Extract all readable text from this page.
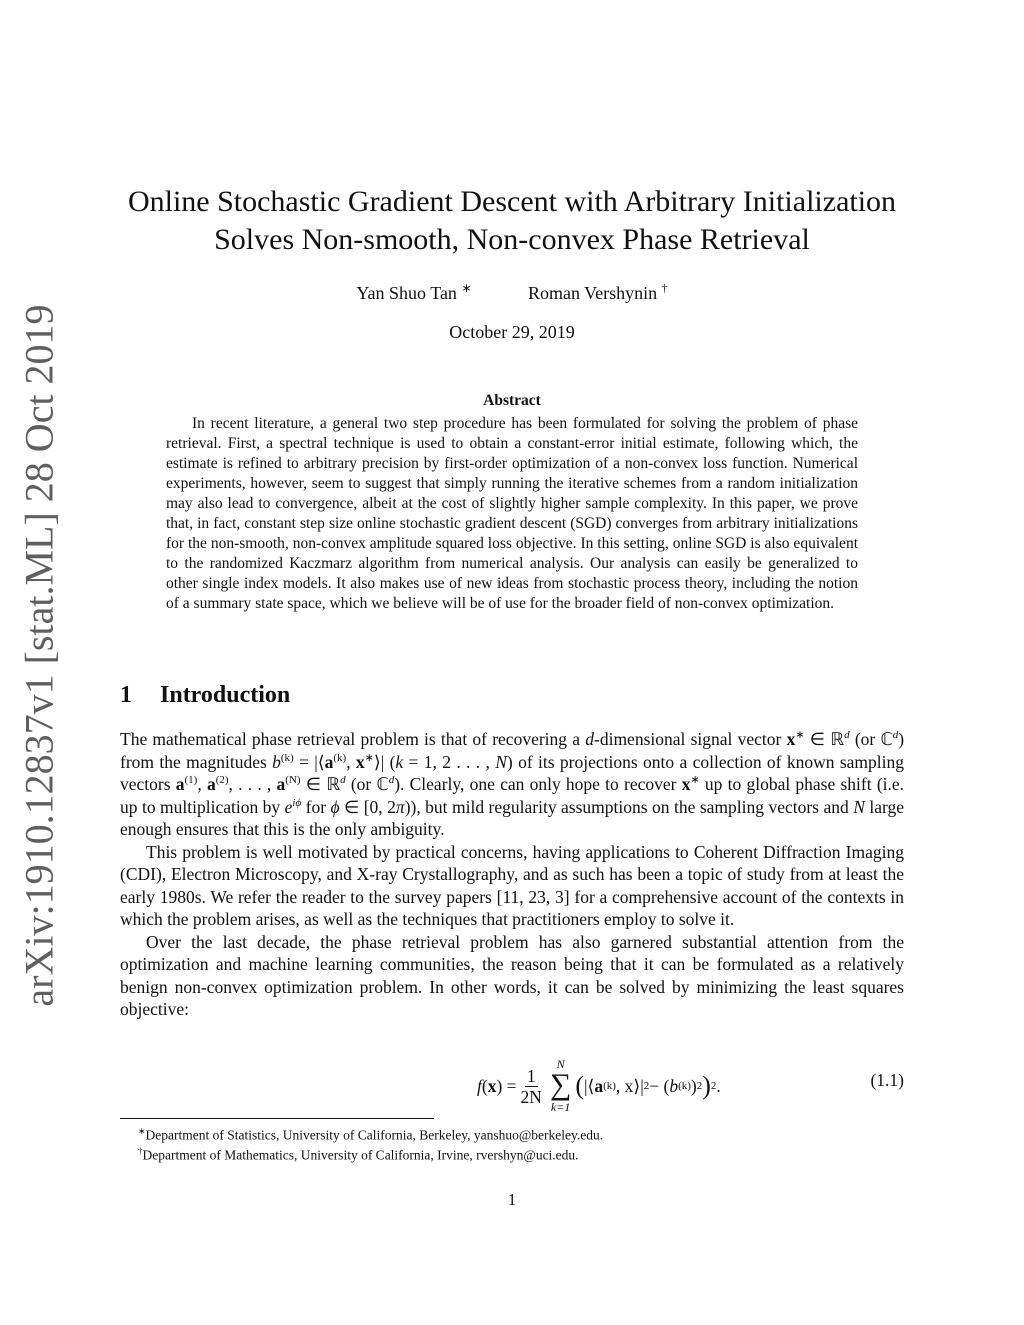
arXiv:1910.12837v1 [stat.ML] 28 Oct 2019
Online Stochastic Gradient Descent with Arbitrary Initialization
Solves Non-smooth, Non-convex Phase Retrieval
Yan Shuo Tan ∗	Roman Vershynin †
October 29, 2019
Abstract

In recent literature, a general two step procedure has been formulated for solving the problem of phase retrieval. First, a spectral technique is used to obtain a constant-error initial estimate, following which, the estimate is refined to arbitrary precision by first-order optimization of a non-convex loss function. Numerical experiments, however, seem to suggest that simply running the iterative schemes from a random initialization may also lead to convergence, albeit at the cost of slightly higher sample complexity. In this paper, we prove that, in fact, constant step size online stochastic gradient descent (SGD) converges from arbitrary initializations for the non-smooth, non-convex amplitude squared loss objective. In this setting, online SGD is also equivalent to the randomized Kaczmarz algorithm from numerical analysis. Our analysis can easily be generalized to other single index models. It also makes use of new ideas from stochastic process theory, including the notion of a summary state space, which we believe will be of use for the broader field of non-convex optimization.

1 Introduction

The mathematical phase retrieval problem is that of recovering a d-dimensional signal vector x∗ ∈ ℝ$^d$ (or ℂ$^d$) from the magnitudes $b^{(k)}$ = $|⟨a^{(k)}$, x∗⟩| (k = 1, 2 . . . , N) of its projections onto a collection of known sampling vectors $a^{(1)}$, $a^{(2)}$, . . . , $a^{(N)}$ ∈ ℝ$^d$ (or ℂ$^d$). Clearly, one can only hope to recover x∗ up to global phase shift (i.e. up to multiplication by $e^{i\phi}$ for ϕ ∈ [0, 2π)), but mild regularity assumptions on the sampling vectors and N large enough ensures that this is the only ambiguity.

This problem is well motivated by practical concerns, having applications to Coherent Diffraction Imaging (CDI), Electron Microscopy, and X-ray Crystallography, and as such has been a topic of study from at least the early 1980s. We refer the reader to the survey papers [11, 23, 3] for a comprehensive account of the contexts in which the problem arises, as well as the techniques that practitioners employ to solve it.

Over the last decade, the phase retrieval problem has also garnered substantial attention from the optimization and machine learning communities, the reason being that it can be formulated as a relatively benign non-convex optimization problem. In other words, it can be solved by minimizing the least squares objective:

f ( x ) = $\frac{1}{2N}$
N
∑
k=1
( |⟨ a (k) , x ⟩| 2 − ( b (k) ) 2 ) 2 .	(1.1)
∗Department of Statistics, University of California, Berkeley, yanshuo@berkeley.edu.
†Department of Mathematics, University of California, Irvine, rvershyn@uci.edu.
1
